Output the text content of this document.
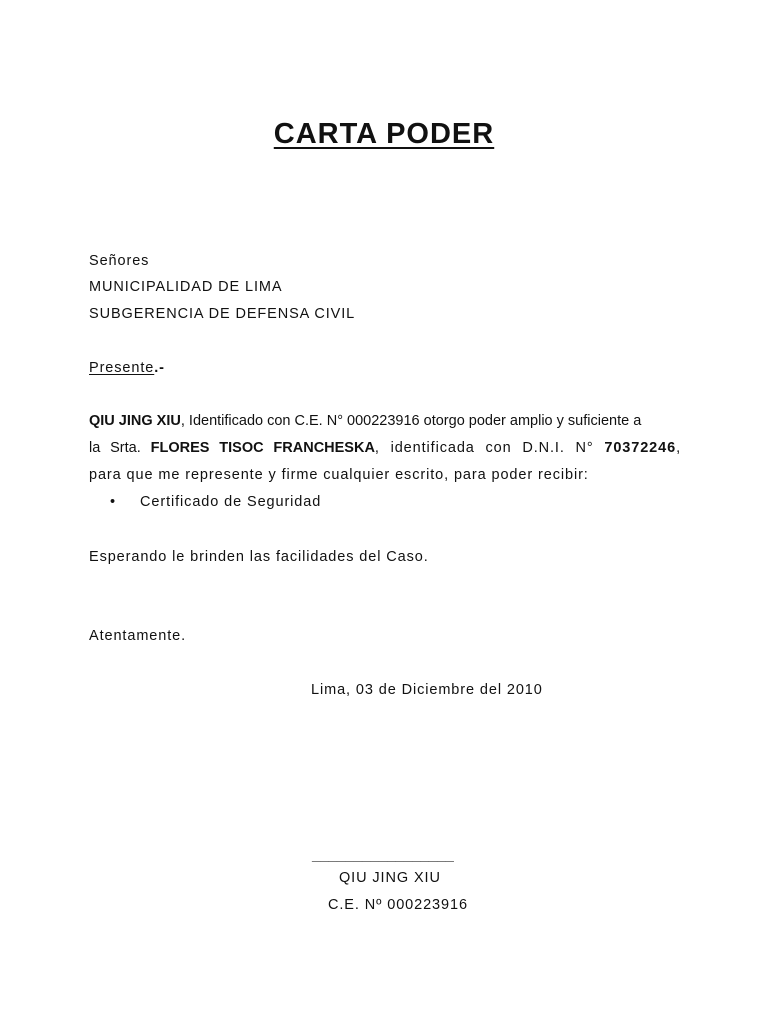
CARTA PODER
Señores
MUNICIPALIDAD DE LIMA
SUBGERENCIA DE DEFENSA CIVIL
Presente.-
QIU JING XIU, Identificado con C.E. N° 000223916 otorgo poder amplio y suficiente a
la Srta. FLORES TISOC FRANCHESKA, identificada con D.N.I. N° 70372246,
para que me represente y firme cualquier escrito, para poder recibir:
• Certificado de Seguridad
Esperando le brinden las facilidades del Caso.
Atentamente.
Lima, 03 de Diciembre del 2010
_________________
QIU JING XIU
C.E. Nº 000223916
